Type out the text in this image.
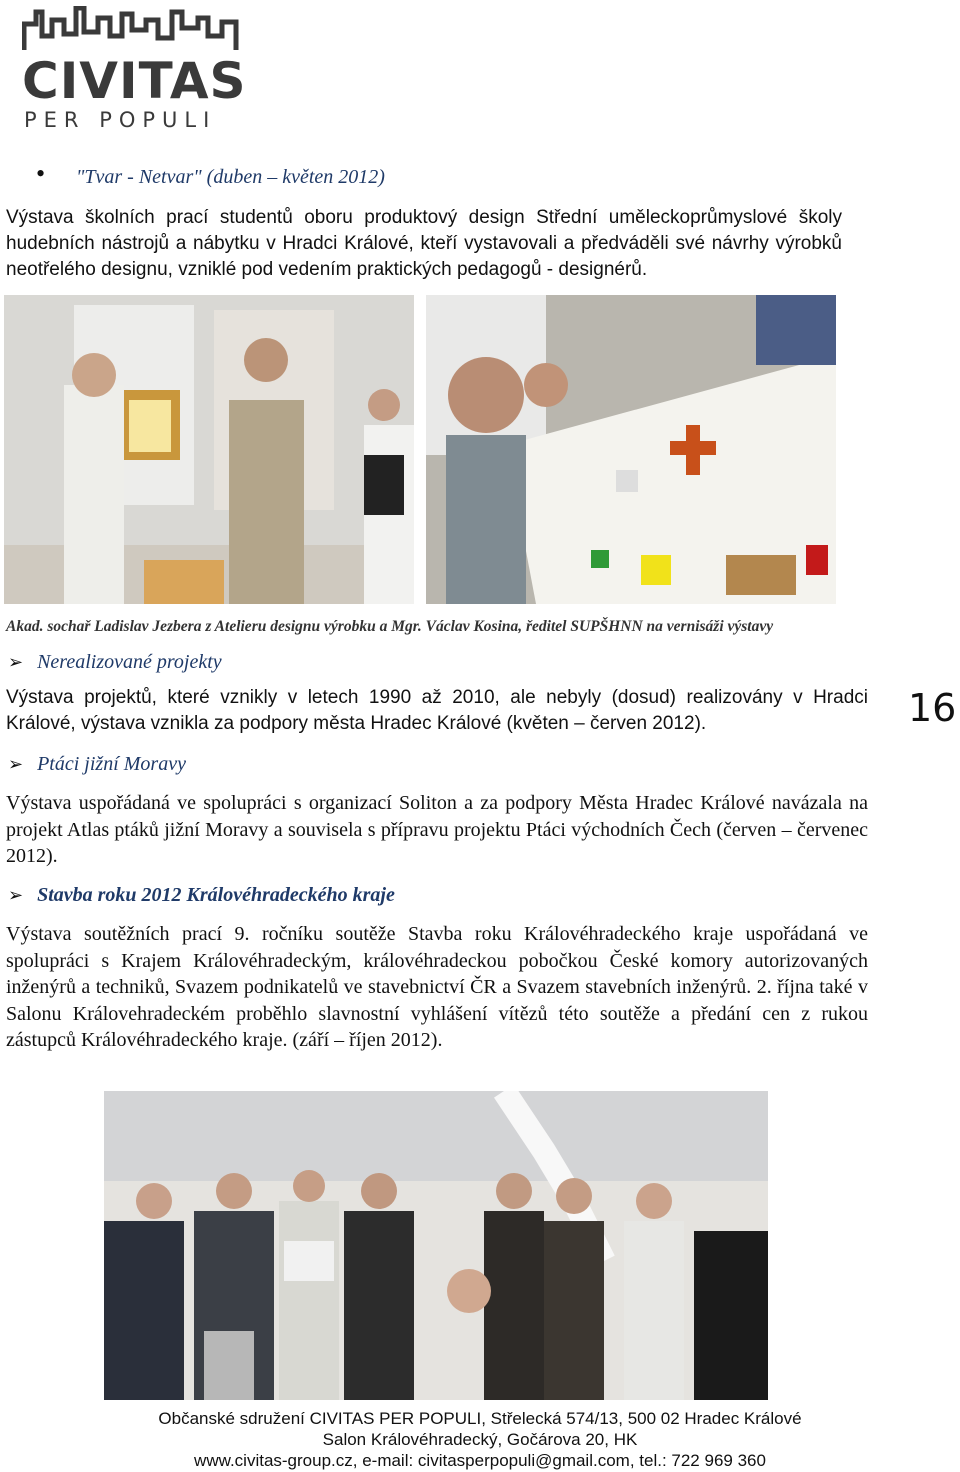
CIVITAS
PER POPULI
• "Tvar - Netvar" (duben – květen 2012)
Výstava školních prací studentů oboru produktový design Střední uměleckoprůmyslové školy hudebních nástrojů a nábytku v Hradci Králové, kteří vystavovali a předváděli své návrhy výrobků neotřelého designu, vzniklé pod vedením praktických pedagogů - designérů.
Akad. sochař Ladislav Jezbera z Atelieru designu výrobku a Mgr. Václav Kosina, ředitel SUPŠHNN na vernisáži výstavy
➢ Nerealizované projekty
Výstava projektů, které vznikly v letech 1990 až 2010, ale nebyly (dosud) realizovány v Hradci Králové, výstava vznikla za podpory města Hradec Králové (květen – červen 2012).	16
➢ Ptáci jižní Moravy
Výstava uspořádaná ve spolupráci s organizací Soliton a za podpory Města Hradec Králové navázala na projekt Atlas ptáků jižní Moravy a souvisela s přípravu projektu Ptáci východních Čech (červen – červenec 2012).
➢ Stavba roku 2012 Královéhradeckého kraje
Výstava soutěžních prací 9. ročníku soutěže Stavba roku Královéhradeckého kraje uspořádaná ve spolupráci s Krajem Královéhradeckým, královéhradeckou pobočkou České komory autorizovaných inženýrů a techniků, Svazem podnikatelů ve stavebnictví ČR a Svazem stavebních inženýrů. 2. října také v Salonu Královehradeckém proběhlo slavnostní vyhlášení vítězů této soutěže a předání cen z rukou zástupců Královéhradeckého kraje. (září – říjen 2012).
Občanské sdružení CIVITAS PER POPULI, Střelecká 574/13, 500 02 Hradec Králové
Salon Královéhradecký, Gočárova 20, HK
www.civitas-group.cz, e-mail: civitasperpopuli@gmail.com, tel.: 722 969 360
